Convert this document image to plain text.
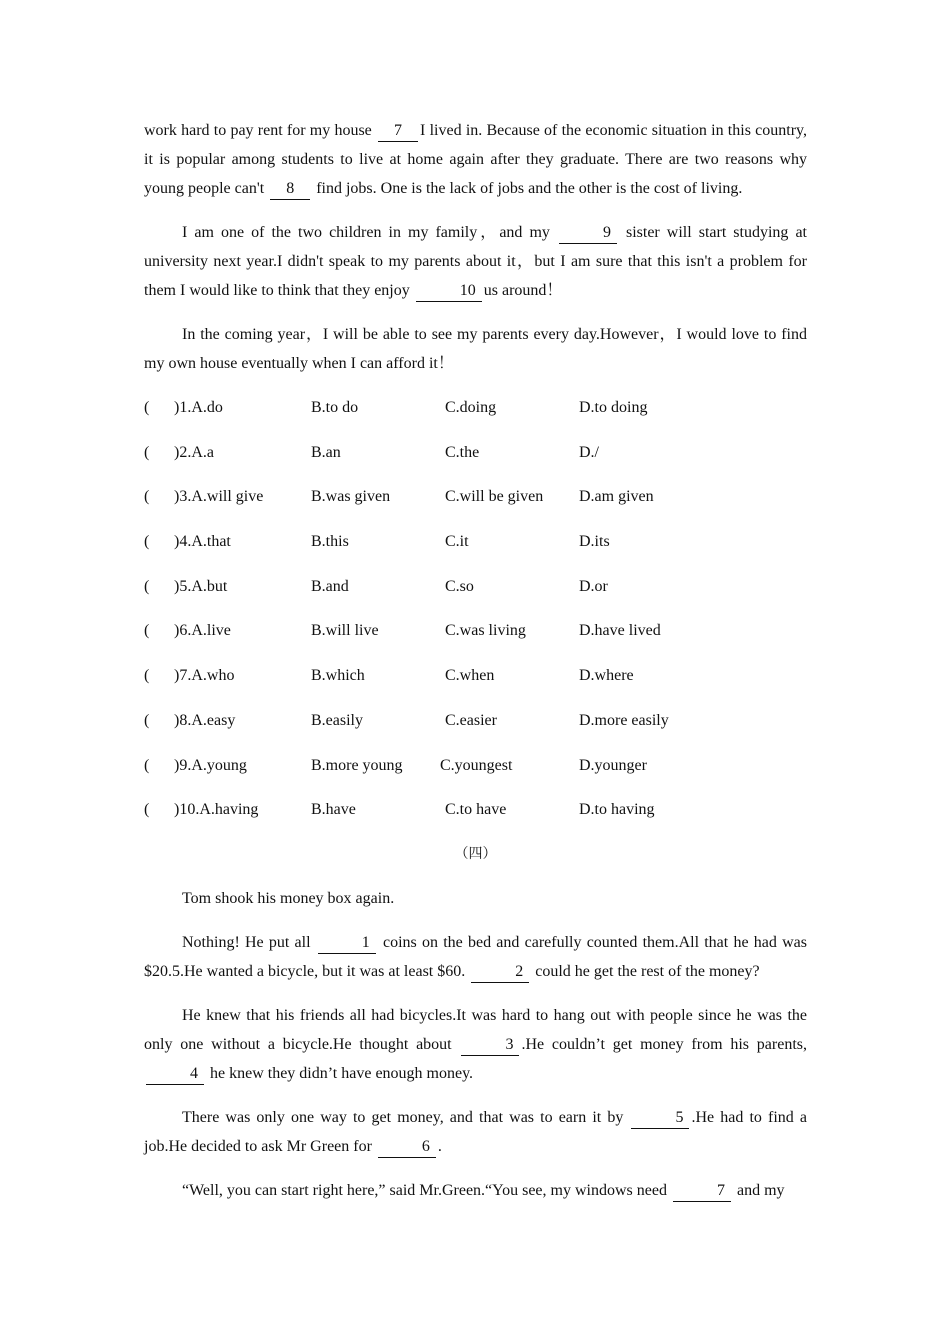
work hard to pay rent for my house 7 I lived in. Because of the economic situation in this country, it is popular among students to live at home again after they graduate. There are two reasons why young people can't 8 find jobs. One is the lack of jobs and the other is the cost of living.

I am one of the two children in my family，and my	9 sister will start studying at university next year.I didn't speak to my parents about it，but I am sure that this isn't a problem for them I would like to think that they enjoy	10 us around！

In the coming year，I will be able to see my parents every day.However，I would love to find my own house eventually when I can afford it！

( )1.A.do	B.to do	C.doing	D.to doing
( )2.A.a	B.an	C.the	D./
( )3.A.will give	B.was given	C.will be given D.am given
( )4.A.that	B.this	C.it	D.its
( )5.A.but	B.and	C.so	D.or
( )6.A.live	B.will live	C.was living	D.have lived
( )7.A.who	B.which	C.when	D.where
( )8.A.easy	B.easily	C.easier	D.more easily
( )9.A.young	B.more young C.youngest	D.younger
( )10.A.having	B.have	C.to have	D.to having
（四）

Tom shook his money box again.

Nothing! He put all	1 coins on the bed and carefully counted them.All that he had was $20.5.He wanted a bicycle, but it was at least $60.	2 could he get the rest of the money?

He knew that his friends all had bicycles.It was hard to hang out with people since he was the only one without a bicycle.He thought about	3 .He couldn’t get money from his parents, 4 he knew they didn’t have enough money.

There was only one way to get money, and that was to earn it by	5 .He had to find a job.He decided to ask Mr Green for	6 .

“Well, you can start right here,” said Mr.Green.“You see, my windows need	7 and my
